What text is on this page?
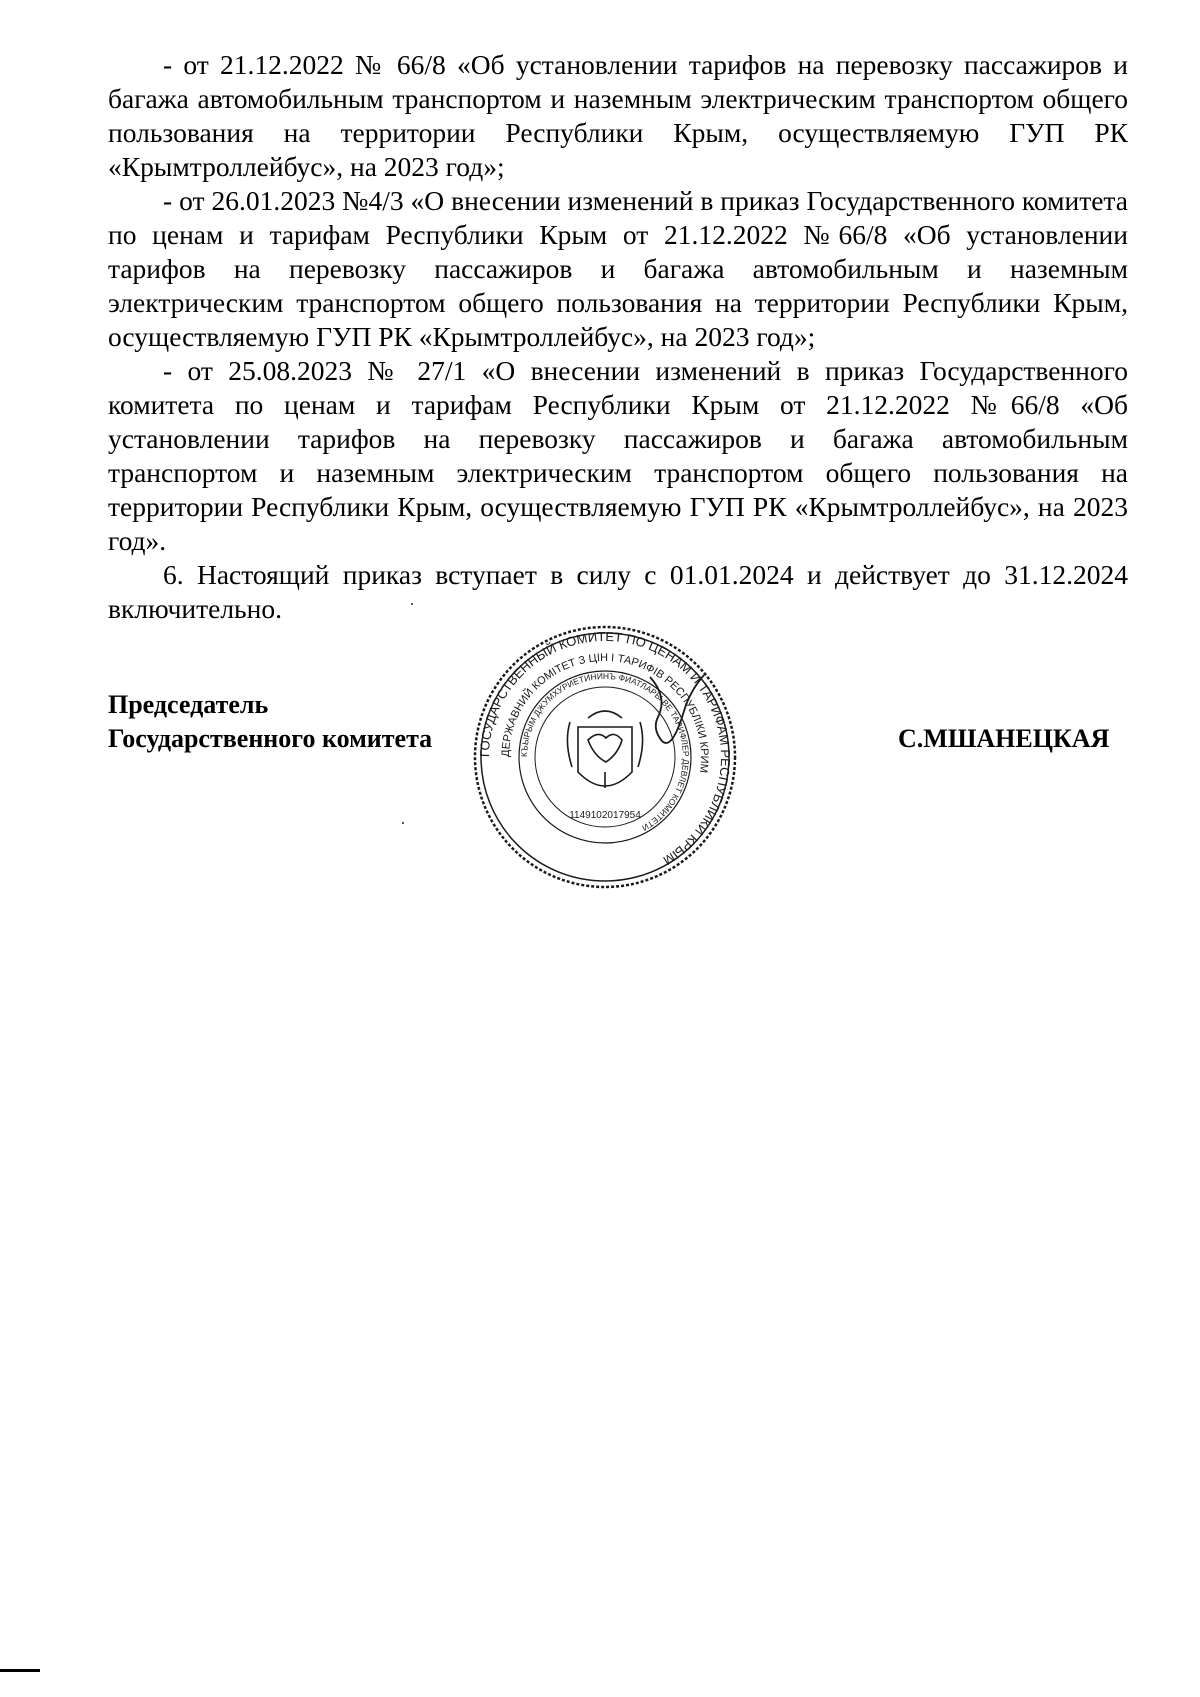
- от 21.12.2022 № 66/8 «Об установлении тарифов на перевозку пассажиров и багажа автомобильным транспортом и наземным электрическим транспортом общего пользования на территории Республики Крым, осуществляемую ГУП РК «Крымтроллейбус», на 2023 год»;

- от 26.01.2023 №4/3 «О внесении изменений в приказ Государственного комитета по ценам и тарифам Республики Крым от 21.12.2022 №66/8 «Об установлении тарифов на перевозку пассажиров и багажа автомобильным и наземным электрическим транспортом общего пользования на территории Республики Крым, осуществляемую ГУП РК «Крымтроллейбус», на 2023 год»;

- от 25.08.2023 № 27/1 «О внесении изменений в приказ Государственного комитета по ценам и тарифам Республики Крым от 21.12.2022 №66/8 «Об установлении тарифов на перевозку пассажиров и багажа автомобильным транспортом и наземным электрическим транспортом общего пользования на территории Республики Крым, осуществляемую ГУП РК «Крымтроллейбус», на 2023 год».

6. Настоящий приказ вступает в силу с 01.01.2024 и действует до 31.12.2024 включительно.

Председатель
Государственного комитета	С.МШАНЕЦКАЯ
ГОСУДАРСТВЕННЫЙ КОМИТЕТ ПО ЦЕНАМ И ТАРИФАМ РЕСПУБЛИКИ КРЫМ
ДЕРЖАВНИЙ КОМІТЕТ З ЦІН І ТАРИФІВ РЕСПУБЛІКИ КРИМ
КЪЫРЫМ ДЖУМХУРИЕТИНИНЪ ФИАТЛАРЫ ВЕ ТАРИФЛЕР ДЕВЛЕТ КОМИТЕТИ
1149102017954
